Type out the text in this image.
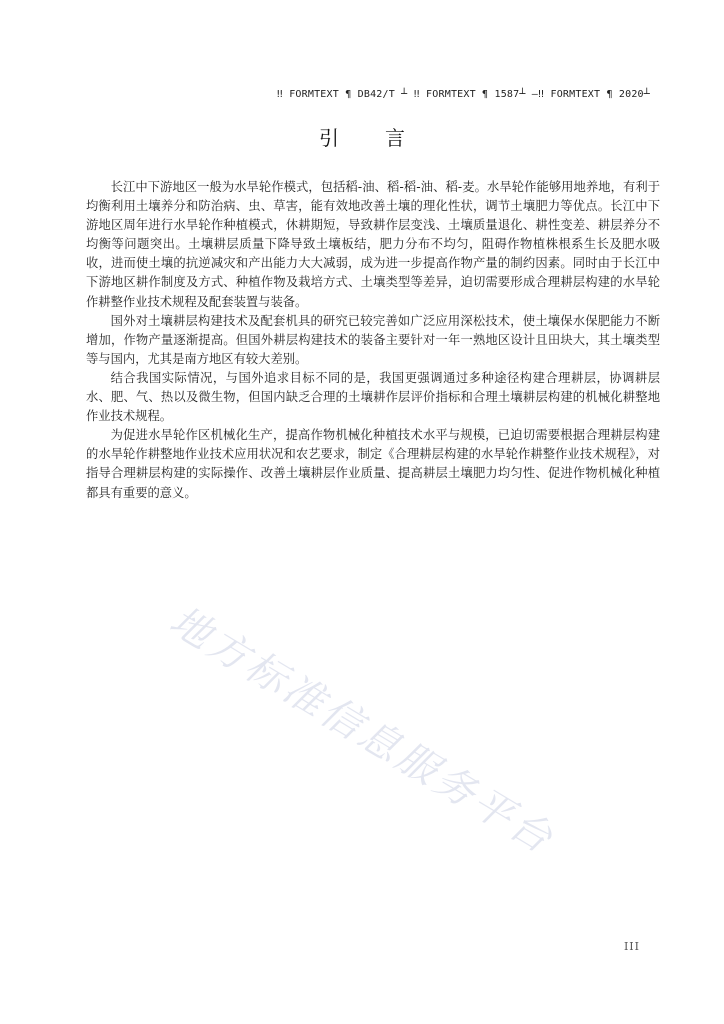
‼ FORMTEXT ¶ DB42/T ┴ ‼ FORMTEXT ¶ 1587┴ —‼ FORMTEXT ¶ 2020┴
引言

长江中下游地区一般为水旱轮作模式，包括稻-油、稻-稻-油、稻-麦。水旱轮作能够用地养地，有利于均衡利用土壤养分和防治病、虫、草害，能有效地改善土壤的理化性状，调节土壤肥力等优点。长江中下游地区周年进行水旱轮作种植模式，休耕期短，导致耕作层变浅、土壤质量退化、耕性变差、耕层养分不均衡等问题突出。土壤耕层质量下降导致土壤板结，肥力分布不均匀，阻碍作物植株根系生长及肥水吸收，进而使土壤的抗逆减灾和产出能力大大减弱，成为进一步提高作物产量的制约因素。同时由于长江中下游地区耕作制度及方式、种植作物及栽培方式、土壤类型等差异，迫切需要形成合理耕层构建的水旱轮作耕整作业技术规程及配套装置与装备。

国外对土壤耕层构建技术及配套机具的研究已较完善如广泛应用深松技术，使土壤保水保肥能力不断增加，作物产量逐渐提高。但国外耕层构建技术的装备主要针对一年一熟地区设计且田块大，其土壤类型等与国内，尤其是南方地区有较大差别。

结合我国实际情况，与国外追求目标不同的是，我国更强调通过多种途径构建合理耕层，协调耕层水、肥、气、热以及微生物，但国内缺乏合理的土壤耕作层评价指标和合理土壤耕层构建的机械化耕整地作业技术规程。

为促进水旱轮作区机械化生产，提高作物机械化种植技术水平与规模，已迫切需要根据合理耕层构建的水旱轮作耕整地作业技术应用状况和农艺要求，制定《合理耕层构建的水旱轮作耕整作业技术规程》，对指导合理耕层构建的实际操作、改善土壤耕层作业质量、提高耕层土壤肥力均匀性、促进作物机械化种植都具有重要的意义。

地方标准信息服务平台
III
